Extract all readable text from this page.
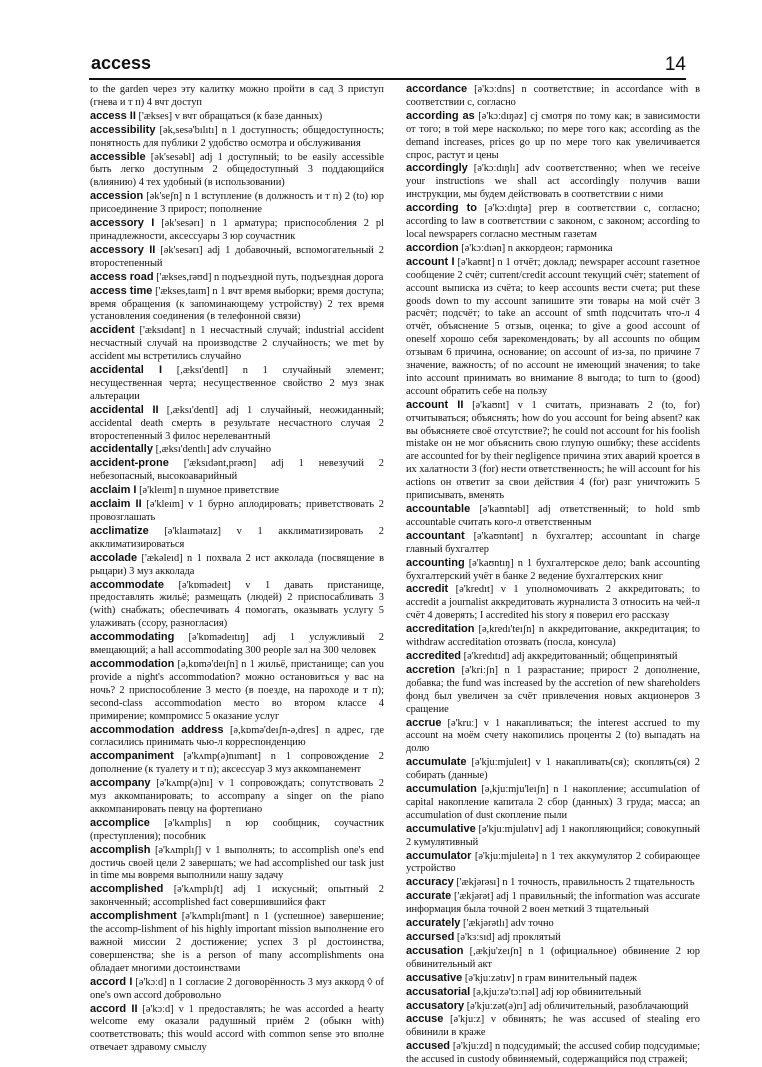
access	14

to the garden через эту калитку можно пройти в сад 3 приступ (гнева и т п) 4 вчт доступ

access II ['ækses] v вчт обращаться (к базе данных)

accessibility [ək,sesə'bılıtı] n 1 доступность; общедоступность; понятность для публики 2 удобство осмотра и обслуживания

accessible [ək'sesəbl] adj 1 доступный; to be easily accessible быть легко доступным 2 общедоступный 3 поддающийся (влиянию) 4 тех удобный (в использовании)

accession [ək'seʃn] n 1 вступление (в должность и т п) 2 (to) юр присоединение 3 прирост; пополнение

accessory I [ək'sesərı] n 1 арматура; приспособления 2 pl принадлежности, аксессуары 3 юр соучастник

accessory II [ək'sesərı] adj 1 добавочный, вспомогательный 2 второстепенный

access road ['ækses,rəʊd] n подъездной путь, подъездная дорога

access time ['ækses,taım] n 1 вчт время выборки; время доступа; время обращения (к запоминающему устройству) 2 тех время установления соединения (в телефонной связи)

accident ['æksıdənt] n 1 несчастный случай; industrial accident несчастный случай на производстве 2 случайность; we met by accident мы встретились случайно

accidental I [,æksı'dentl] n 1 случайный элемент; несущественная черта; несущественное свойство 2 муз знак альтерации

accidental II [,æksı'dentl] adj 1 случайный, неожиданный; accidental death смерть в результате несчастного случая 2 второстепенный 3 филос нерелевантный

accidentally [,æksı'dentlı] adv случайно

accident-prone ['æksıdənt,prəʊn] adj 1 невезучий 2 небезопасный, высокоаварийный

acclaim I [ə'kleım] n шумное приветствие

acclaim II [ə'kleım] v 1 бурно аплодировать; приветствовать 2 провозглашать

acclimatize [ə'klaımətaız] v 1 акклиматизировать 2 акклиматизироваться

accolade ['ækəleıd] n 1 похвала 2 ист акколада (посвящение в рыцари) 3 муз акколада

accommodate [ə'kɒmədeıt] v 1 давать пристанище, предоставлять жильё; размещать (людей) 2 приспосабливать 3 (with) снабжать; обеспечивать 4 помогать, оказывать услугу 5 улаживать (ссору, разногласия)

accommodating [ə'kɒmədeıtıŋ] adj 1 услужливый 2 вмещающий; a hall accommodating 300 people зал на 300 человек

accommodation [ə,kɒmə'deıʃn] n 1 жильё, пристанище; can you provide a night's accommodation? можно остановиться у вас на ночь? 2 приспособление 3 место (в поезде, на пароходе и т п); second-class accommodation место во втором классе 4 примирение; компромисс 5 оказание услуг

accommodation address [ə,kɒmə'deıʃn-ə,dres] n адрес, где согласились принимать чью-л корреспонденцию

accompaniment [ə'kʌmp(ə)nımənt] n 1 сопровождение 2 дополнение (к туалету и т п); аксессуар 3 муз аккомпанемент

accompany [ə'kʌmp(ə)nı] v 1 сопровождать; сопутствовать 2 муз аккомпанировать; to accompany a singer on the piano аккомпанировать певцу на фортепиано

accomplice [ə'kʌmplıs] n юр сообщник, соучастник (преступления); пособник

accomplish [ə'kʌmplıʃ] v 1 выполнять; to accomplish one's end достичь своей цели 2 завершать; we had accomplished our task just in time мы вовремя выполнили нашу задачу

accomplished [ə'kʌmplıʃt] adj 1 искусный; опытный 2 законченный; accomplished fact совершившийся факт

accomplishment [ə'kʌmplıʃmənt] n 1 (успешное) завершение; the accomp-lishment of his highly important mission выполнение его важной миссии 2 достижение; успех 3 pl достоинства, совершенства; she is a person of many accomplishments она обладает многими достоинствами

accord I [ə'kɔːd] n 1 согласие 2 договорённость 3 муз аккорд ◊ of one's own accord добровольно

accord II [ə'kɔːd] v 1 предоставлять; he was accorded a hearty welcome ему оказали радушный приём 2 (обыкн with) соответствовать; this would accord with common sense это вполне отвечает здравому смыслу

accordance [ə'kɔːdns] n соответствие; in accordance with в соответствии с, согласно

according as [ə'kɔːdıŋəz] cj смотря по тому как; в зависимости от того; в той мере насколько; по мере того как; according as the demand increases, prices go up по мере того как увеличивается спрос, растут и цены

accordingly [ə'kɔːdıŋlı] adv соответственно; when we receive your instructions we shall act accordingly получив ваши инструкции, мы будем действовать в соответствии с ними

according to [ə'kɔːdıŋtə] prep в соответствии с, согласно; according to law в соответствии с законом, с законом; according to local newspapers согласно местным газетам

accordion [ə'kɔːdıən] n аккордеон; гармоника

account I [ə'kaʊnt] n 1 отчёт; доклад; newspaper account газетное сообщение 2 счёт; current/credit account текущий счёт; statement of account выписка из счёта; to keep accounts вести счета; put these goods down to my account запишите эти товары на мой счёт 3 расчёт; подсчёт; to take an account of smth подсчитать что-л 4 отчёт, объяснение 5 отзыв, оценка; to give a good account of oneself хорошо себя зарекомендовать; by all accounts по общим отзывам 6 причина, основание; on account of из-за, по причине 7 значение, важность; of no account не имеющий значения; to take into account принимать во внимание 8 выгода; to turn to (good) account обратить себе на пользу

account II [ə'kaʊnt] v 1 считать, признавать 2 (to, for) отчитываться; объяснять; how do you account for being absent? как вы объясняете своё отсутствие?; he could not account for his foolish mistake он не мог объяснить свою глупую ошибку; these accidents are accounted for by their negligence причина этих аварий кроется в их халатности 3 (for) нести ответственность; he will account for his actions он ответит за свои действия 4 (for) разг уничтожить 5 приписывать, вменять

accountable [ə'kaʊntəbl] adj ответственный; to hold smb accountable считать кого-л ответственным

accountant [ə'kaʊntənt] n бухгалтер; accountant in charge главный бухгалтер

accounting [ə'kaʊntıŋ] n 1 бухгалтерское дело; bank accounting бухгалтерский учёт в банке 2 ведение бухгалтерских книг

accredit [ə'kredıt] v 1 уполномочивать 2 аккредитовать; to accredit a journalist аккредитовать журналиста 3 относить на чей-л счёт 4 доверять; I accredited his story я поверил его рассказу

accreditation [ə,kredı'teıʃn] n аккредитование, аккредитация; to withdraw accreditation отозвать (посла, консула)

accredited [ə'kredıtıd] adj аккредитованный; общепринятый

accretion [ə'kriːʃn] n 1 разрастание; прирост 2 дополнение, добавка; the fund was increased by the accretion of new shareholders фонд был увеличен за счёт привлечения новых акционеров 3 сращение

accrue [ə'kruː] v 1 накапливаться; the interest accrued to my account на моём счету накопились проценты 2 (to) выпадать на долю

accumulate [ə'kjuːmjuleıt] v 1 накапливать(ся); скоплять(ся) 2 собирать (данные)

accumulation [ə,kjuːmju'leıʃn] n 1 накопление; accumulation of capital накопление капитала 2 сбор (данных) 3 груда; масса; an accumulation of dust скопление пыли

accumulative [ə'kjuːmjulətıv] adj 1 накопляющийся; совокупный 2 кумулятивный

accumulator [ə'kjuːmjuleıtə] n 1 тех аккумулятор 2 собирающее устройство

accuracy ['ækjərəsı] n 1 точность, правильность 2 тщательность

accurate ['ækjərət] adj 1 правильный; the information was accurate информация была точной 2 воен меткий 3 тщательный

accurately ['ækjərətlı] adv точно

accursed [ə'kɜːsıd] adj проклятый

accusation [,ækju'zeıʃn] n 1 (официальное) обвинение 2 юр обвинительный акт

accusative [ə'kjuːzətıv] n грам винительный падеж

accusatorial [ə,kjuːzə'tɔːrıəl] adj юр обвинительный

accusatory [ə'kjuːzət(ə)rı] adj обличительный, разоблачающий

accuse [ə'kjuːz] v обвинять; he was accused of stealing его обвинили в краже

accused [ə'kjuːzd] n подсудимый; the accused собир подсудимые; the accused in custody обвиняемый, содержащийся под стражей;
